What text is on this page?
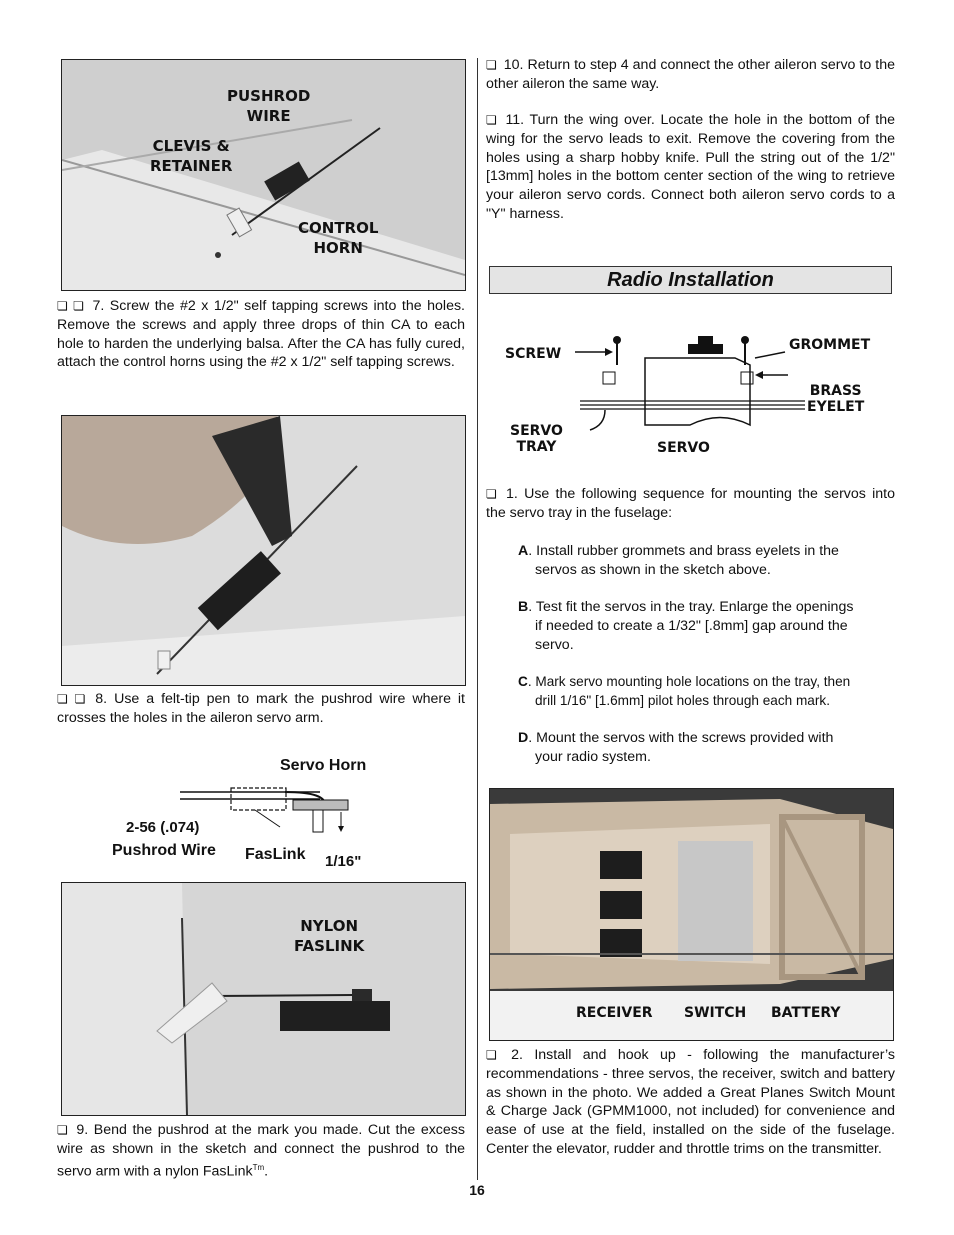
PUSHROD
WIRE
CLEVIS &
RETAINER
CONTROL
HORN

❏ ❏ 7. Screw the #2 x 1/2" self tapping screws into the holes. Remove the screws and apply three drops of thin CA to each hole to harden the underlying balsa. After the CA has fully cured, attach the control horns using the #2 x 1/2" self tapping screws.

❏ ❏ 8. Use a felt-tip pen to mark the pushrod wire where it crosses the holes in the aileron servo arm.

Servo Horn
2-56 (.074)
Pushrod Wire FasLink 1/16"
NYLON
FASLINK

❏ 9. Bend the pushrod at the mark you made. Cut the excess wire as shown in the sketch and connect the pushrod to the servo arm with a nylon FasLink$^{Tm}$.

❏ 10. Return to step 4 and connect the other aileron servo to the other aileron the same way.

❏ 11. Turn the wing over. Locate the hole in the bottom of the wing for the servo leads to exit. Remove the covering from the holes using a sharp hobby knife. Pull the string out of the 1/2" [13mm] holes in the bottom center section of the wing to retrieve your aileron servo cords. Connect both aileron servo cords to a "Y" harness.

Radio Installation
SCREW
GROMMET
BRASS
EYELET
SERVO
TRAY	SERVO

❏ 1. Use the following sequence for mounting the servos into the servo tray in the fuselage:

A. Install rubber grommets and brass eyelets in the
servos as shown in the sketch above.

B. Test fit the servos in the tray. Enlarge the openings
if needed to create a 1/32" [.8mm] gap around the servo.

C. Mark servo mounting hole locations on the tray, then
drill 1/16" [1.6mm] pilot holes through each mark.

D. Mount the servos with the screws provided with
your radio system.

RECEIVER SWITCH BATTERY

❏ 2. Install and hook up - following the manufacturer’s recommendations - three servos, the receiver, switch and battery as shown in the photo. We added a Great Planes Switch Mount & Charge Jack (GPMM1000, not included) for convenience and ease of use at the field, installed on the side of the fuselage. Center the elevator, rudder and throttle trims on the transmitter.

16
